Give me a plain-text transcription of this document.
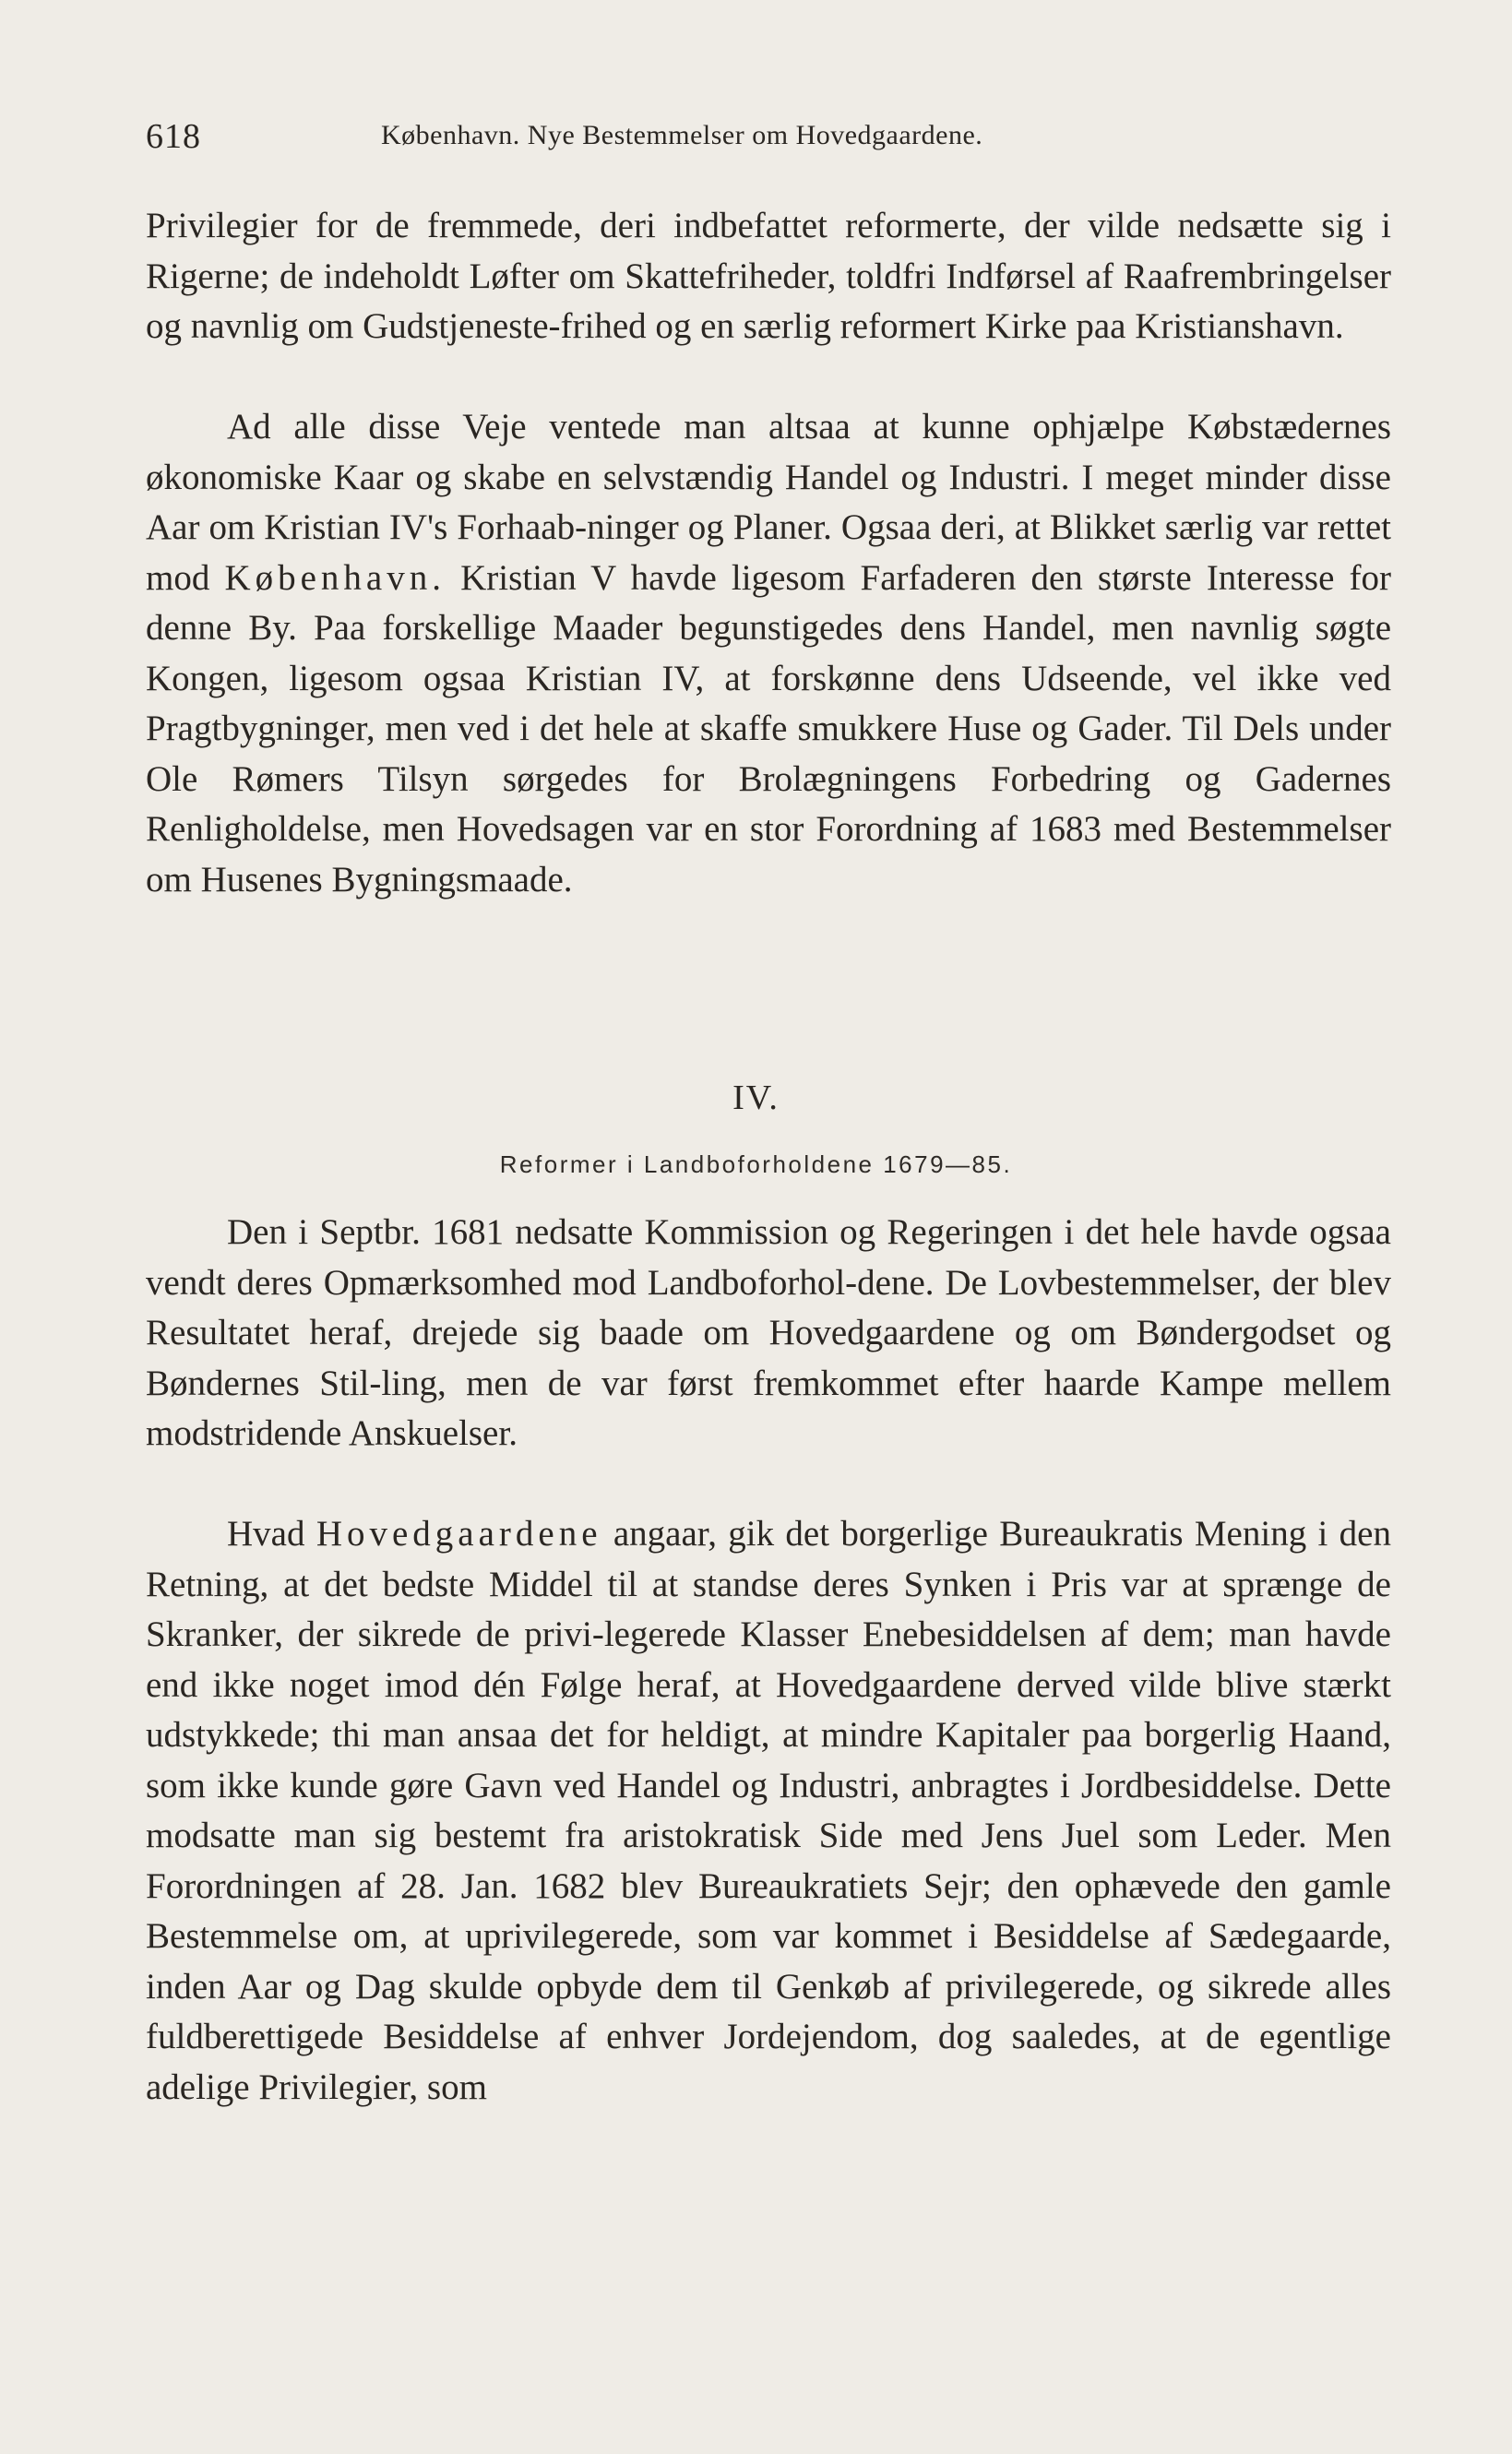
618	København. Nye Bestemmelser om Hovedgaardene.

Privilegier for de fremmede, deri indbefattet reformerte, der vilde nedsætte sig i Rigerne; de indeholdt Løfter om Skattefriheder, toldfri Indførsel af Raafrembringelser og navnlig om Gudstjeneste-frihed og en særlig reformert Kirke paa Kristianshavn.

Ad alle disse Veje ventede man altsaa at kunne ophjælpe Købstædernes økonomiske Kaar og skabe en selvstændig Handel og Industri. I meget minder disse Aar om Kristian IV's Forhaab-ninger og Planer. Ogsaa deri, at Blikket særlig var rettet mod København. Kristian V havde ligesom Farfaderen den største Interesse for denne By. Paa forskellige Maader begunstigedes dens Handel, men navnlig søgte Kongen, ligesom ogsaa Kristian IV, at forskønne dens Udseende, vel ikke ved Pragtbygninger, men ved i det hele at skaffe smukkere Huse og Gader. Til Dels under Ole Rømers Tilsyn sørgedes for Brolægningens Forbedring og Gadernes Renligholdelse, men Hovedsagen var en stor Forordning af 1683 med Bestemmelser om Husenes Bygningsmaade.

IV.
Reformer i Landboforholdene 1679—85.

Den i Septbr. 1681 nedsatte Kommission og Regeringen i det hele havde ogsaa vendt deres Opmærksomhed mod Landboforhol-dene. De Lovbestemmelser, der blev Resultatet heraf, drejede sig baade om Hovedgaardene og om Bøndergodset og Bøndernes Stil-ling, men de var først fremkommet efter haarde Kampe mellem modstridende Anskuelser.

Hvad Hovedgaardene angaar, gik det borgerlige Bureaukratis Mening i den Retning, at det bedste Middel til at standse deres Synken i Pris var at sprænge de Skranker, der sikrede de privi-legerede Klasser Enebesiddelsen af dem; man havde end ikke noget imod dén Følge heraf, at Hovedgaardene derved vilde blive stærkt udstykkede; thi man ansaa det for heldigt, at mindre Kapitaler paa borgerlig Haand, som ikke kunde gøre Gavn ved Handel og Industri, anbragtes i Jordbesiddelse. Dette modsatte man sig bestemt fra aristokratisk Side med Jens Juel som Leder. Men Forordningen af 28. Jan. 1682 blev Bureaukratiets Sejr; den ophævede den gamle Bestemmelse om, at uprivilegerede, som var kommet i Besiddelse af Sædegaarde, inden Aar og Dag skulde opbyde dem til Genkøb af privilegerede, og sikrede alles fuldberettigede Besiddelse af enhver Jordejendom, dog saaledes, at de egentlige adelige Privilegier, som
